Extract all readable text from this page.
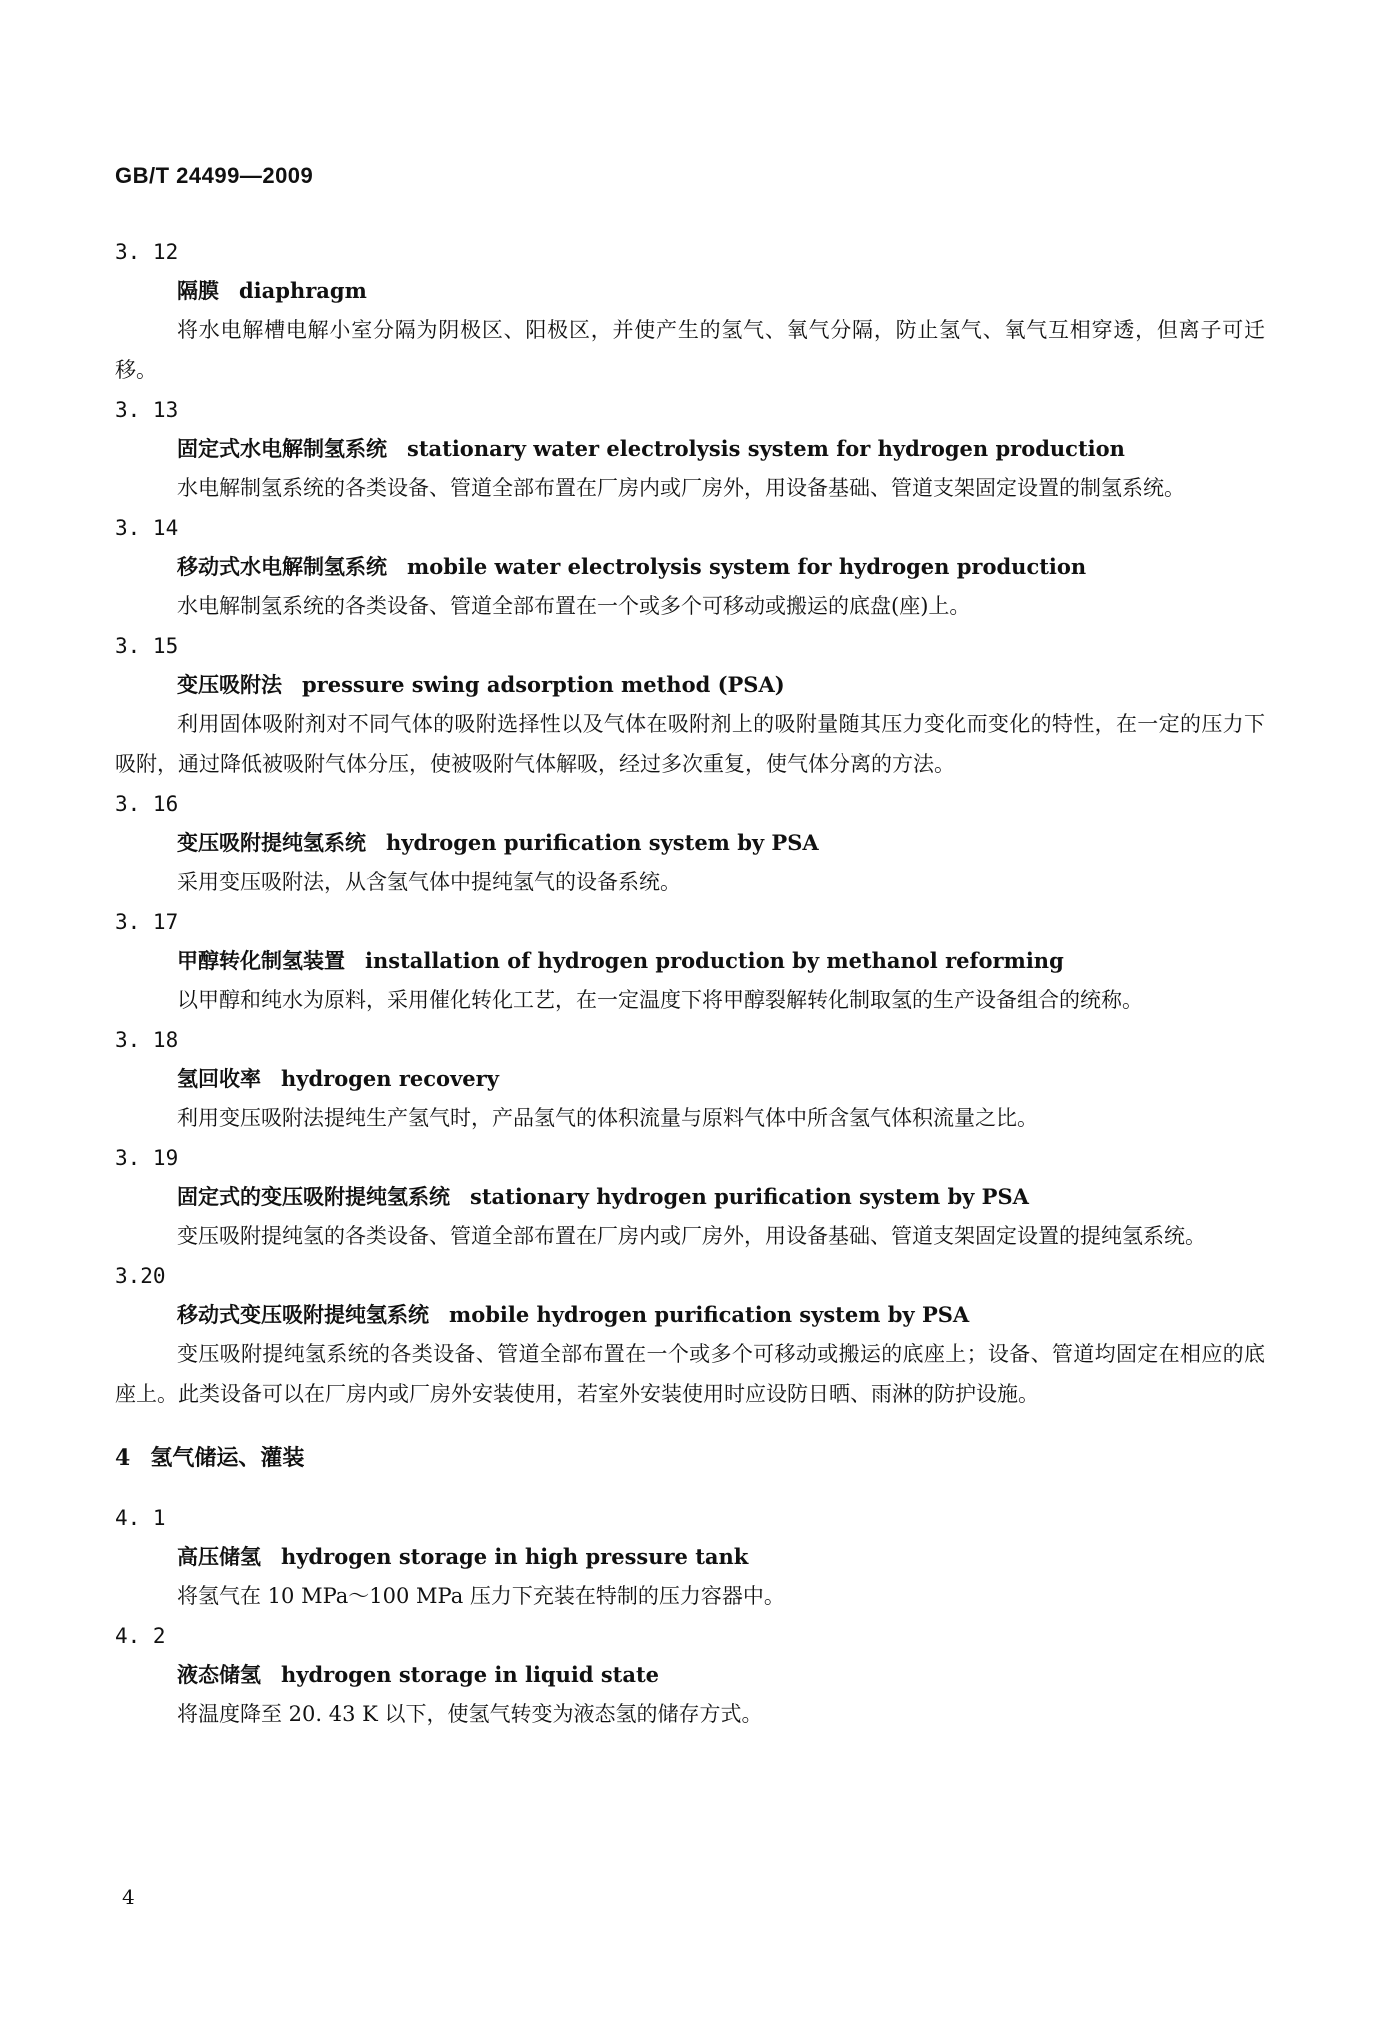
GB/T 24499—2009
3. 12
隔膜 diaphragm

将水电解槽电解小室分隔为阴极区、阳极区，并使产生的氢气、氧气分隔，防止氢气、氧气互相穿透，但离子可迁移。

3. 13
固定式水电解制氢系统 stationary water electrolysis system for hydrogen production

水电解制氢系统的各类设备、管道全部布置在厂房内或厂房外，用设备基础、管道支架固定设置的制氢系统。

3. 14
移动式水电解制氢系统 mobile water electrolysis system for hydrogen production

水电解制氢系统的各类设备、管道全部布置在一个或多个可移动或搬运的底盘(座)上。

3. 15
变压吸附法 pressure swing adsorption method (PSA)

利用固体吸附剂对不同气体的吸附选择性以及气体在吸附剂上的吸附量随其压力变化而变化的特性，在一定的压力下吸附，通过降低被吸附气体分压，使被吸附气体解吸，经过多次重复，使气体分离的方法。

3. 16
变压吸附提纯氢系统 hydrogen purification system by PSA

采用变压吸附法，从含氢气体中提纯氢气的设备系统。

3. 17
甲醇转化制氢装置 installation of hydrogen production by methanol reforming

以甲醇和纯水为原料，采用催化转化工艺，在一定温度下将甲醇裂解转化制取氢的生产设备组合的统称。

3. 18
氢回收率 hydrogen recovery

利用变压吸附法提纯生产氢气时，产品氢气的体积流量与原料气体中所含氢气体积流量之比。

3. 19
固定式的变压吸附提纯氢系统 stationary hydrogen purification system by PSA

变压吸附提纯氢的各类设备、管道全部布置在厂房内或厂房外，用设备基础、管道支架固定设置的提纯氢系统。

3.20
移动式变压吸附提纯氢系统 mobile hydrogen purification system by PSA

变压吸附提纯氢系统的各类设备、管道全部布置在一个或多个可移动或搬运的底座上；设备、管道均固定在相应的底座上。此类设备可以在厂房内或厂房外安装使用，若室外安装使用时应设防日晒、雨淋的防护设施。

4 氢气储运、灌装
4. 1
高压储氢 hydrogen storage in high pressure tank

将氢气在 10 MPa～100 MPa 压力下充装在特制的压力容器中。

4. 2
液态储氢 hydrogen storage in liquid state

将温度降至 20. 43 K 以下，使氢气转变为液态氢的储存方式。

4
